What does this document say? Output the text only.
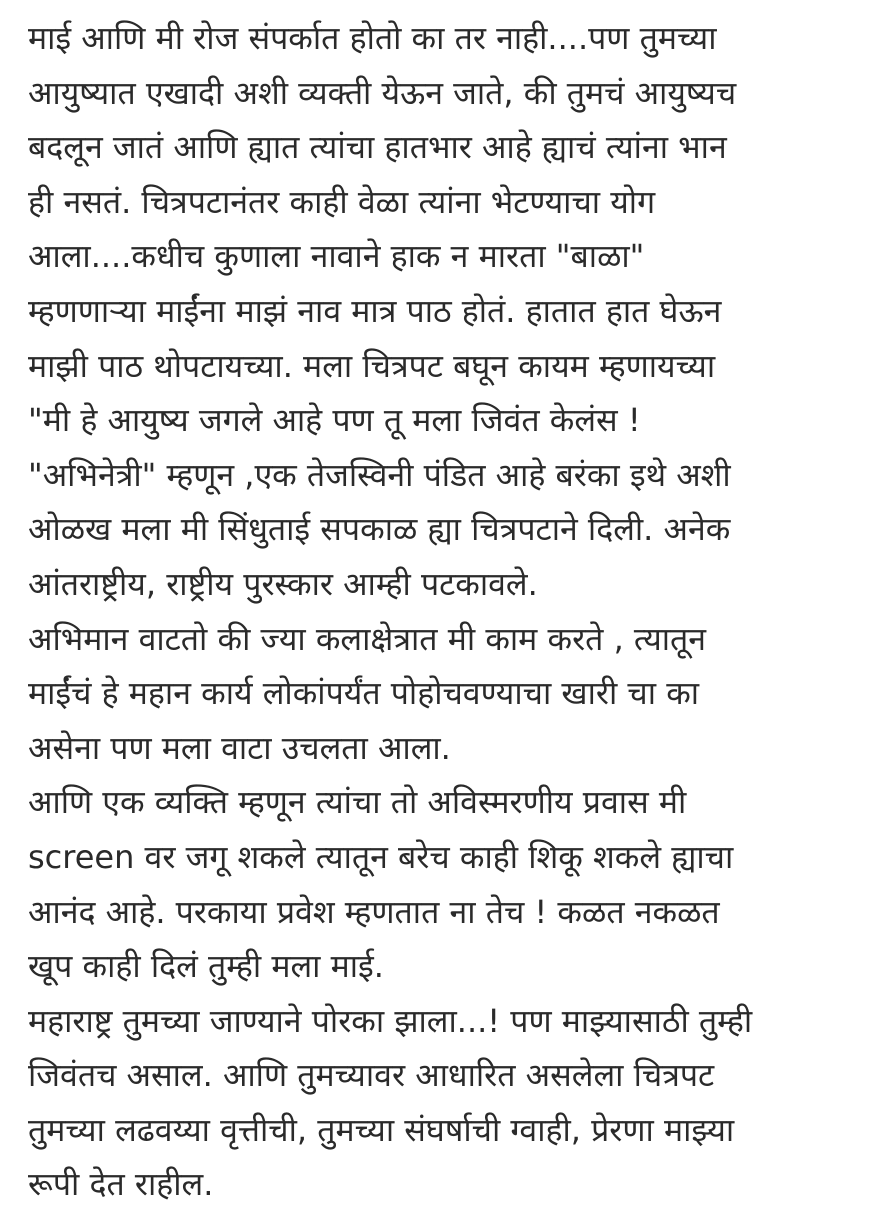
माई आणि मी रोज संपर्कात होतो का तर नाही....पण तुमच्या
आयुष्यात एखादी अशी व्यक्ती येऊन जाते, की तुमचं आयुष्यच
बदलून जातं आणि ह्यात त्यांचा हातभार आहे ह्याचं त्यांना भान
ही नसतं. चित्रपटानंतर काही वेळा त्यांना भेटण्याचा योग
आला....कधीच कुणाला नावाने हाक न मारता "बाळा"
म्हणणाऱ्या माईंना माझं नाव मात्र पाठ होतं. हातात हात घेऊन
माझी पाठ थोपटायच्या. मला चित्रपट बघून कायम म्हणायच्या
"मी हे आयुष्य जगले आहे पण तू मला जिवंत केलंस !
"अभिनेत्री" म्हणून ,एक तेजस्विनी पंडित आहे बरंका इथे अशी
ओळख मला मी सिंधुताई सपकाळ ह्या चित्रपटाने दिली. अनेक
आंतराष्ट्रीय, राष्ट्रीय पुरस्कार आम्ही पटकावले.
अभिमान वाटतो की ज्या कलाक्षेत्रात मी काम करते , त्यातून
माईंचं हे महान कार्य लोकांपर्यंत पोहोचवण्याचा खारी चा का
असेना पण मला वाटा उचलता आला.
आणि एक व्यक्ति म्हणून त्यांचा तो अविस्मरणीय प्रवास मी
screen वर जगू शकले त्यातून बरेच काही शिकू शकले ह्याचा
आनंद आहे. परकाया प्रवेश म्हणतात ना तेच ! कळत नकळत
खूप काही दिलं तुम्ही मला माई.
महाराष्ट्र तुमच्या जाण्याने पोरका झाला...! पण माझ्यासाठी तुम्ही
जिवंतच असाल. आणि तुमच्यावर आधारित असलेला चित्रपट
तुमच्या लढवय्या वृत्तीची, तुमच्या संघर्षाची ग्वाही, प्रेरणा माझ्या
रूपी देत राहील.
